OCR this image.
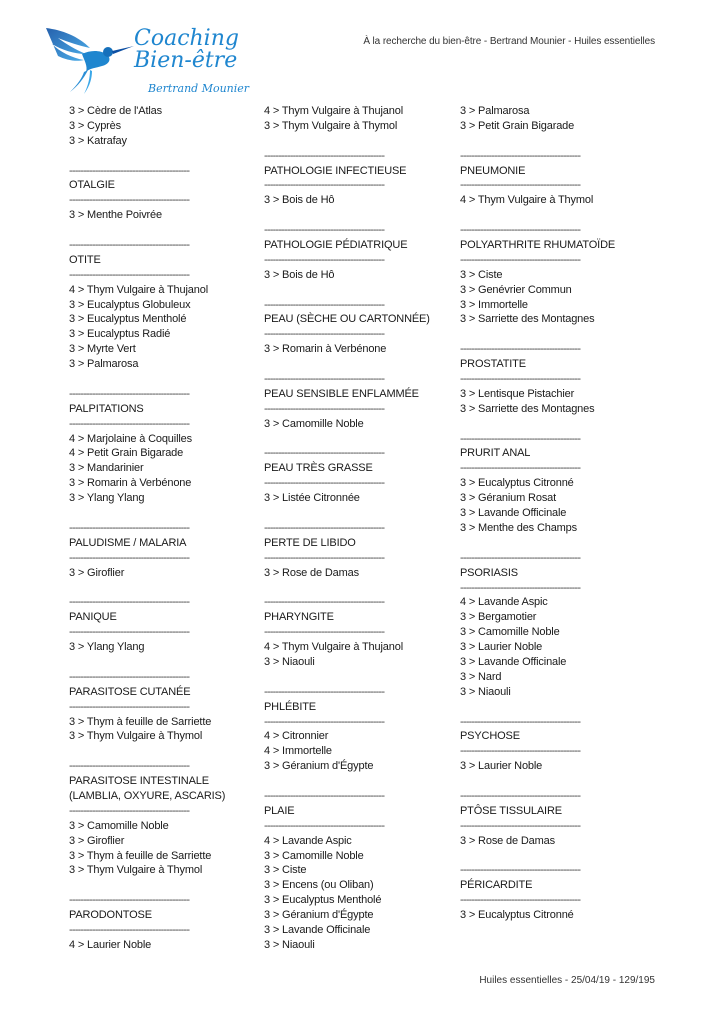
Coaching
Bien-être
Bertrand Mounier
À la recherche du bien-être - Bertrand Mounier - Huiles essentielles
3 > Cèdre de l'Atlas
3 > Cyprès
3 > Katrafay
------------------------------------------
OTALGIE
------------------------------------------
3 > Menthe Poivrée
------------------------------------------
OTITE
------------------------------------------
4 > Thym Vulgaire à Thujanol
3 > Eucalyptus Globuleux
3 > Eucalyptus Mentholé
3 > Eucalyptus Radié
3 > Myrte Vert
3 > Palmarosa
------------------------------------------
PALPITATIONS
------------------------------------------
4 > Marjolaine à Coquilles
4 > Petit Grain Bigarade
3 > Mandarinier
3 > Romarin à Verbénone
3 > Ylang Ylang
------------------------------------------
PALUDISME / MALARIA
------------------------------------------
3 > Giroflier
------------------------------------------
PANIQUE
------------------------------------------
3 > Ylang Ylang
------------------------------------------
PARASITOSE CUTANÉE
------------------------------------------
3 > Thym à feuille de Sarriette
3 > Thym Vulgaire à Thymol
------------------------------------------
PARASITOSE INTESTINALE (LAMBLIA, OXYURE, ASCARIS)
------------------------------------------
3 > Camomille Noble
3 > Giroflier
3 > Thym à feuille de Sarriette
3 > Thym Vulgaire à Thymol
------------------------------------------
PARODONTOSE
------------------------------------------
4 > Laurier Noble
4 > Thym Vulgaire à Thujanol
3 > Thym Vulgaire à Thymol
------------------------------------------
PATHOLOGIE INFECTIEUSE
------------------------------------------
3 > Bois de Hô
------------------------------------------
PATHOLOGIE PÉDIATRIQUE
------------------------------------------
3 > Bois de Hô
------------------------------------------
PEAU (SÈCHE OU CARTONNÉE)
------------------------------------------
3 > Romarin à Verbénone
------------------------------------------
PEAU SENSIBLE ENFLAMMÉE
------------------------------------------
3 > Camomille Noble
------------------------------------------
PEAU TRÈS GRASSE
------------------------------------------
3 > Listée Citronnée
------------------------------------------
PERTE DE LIBIDO
------------------------------------------
3 > Rose de Damas
------------------------------------------
PHARYNGITE
------------------------------------------
4 > Thym Vulgaire à Thujanol
3 > Niaouli
------------------------------------------
PHLÉBITE
------------------------------------------
4 > Citronnier
4 > Immortelle
3 > Géranium d'Égypte
------------------------------------------
PLAIE
------------------------------------------
4 > Lavande Aspic
3 > Camomille Noble
3 > Ciste
3 > Encens (ou Oliban)
3 > Eucalyptus Mentholé
3 > Géranium d'Égypte
3 > Lavande Officinale
3 > Niaouli
3 > Palmarosa
3 > Petit Grain Bigarade
------------------------------------------
PNEUMONIE
------------------------------------------
4 > Thym Vulgaire à Thymol
------------------------------------------
POLYARTHRITE RHUMATOÏDE
------------------------------------------
3 > Ciste
3 > Genévrier Commun
3 > Immortelle
3 > Sarriette des Montagnes
------------------------------------------
PROSTATITE
------------------------------------------
3 > Lentisque Pistachier
3 > Sarriette des Montagnes
------------------------------------------
PRURIT ANAL
------------------------------------------
3 > Eucalyptus Citronné
3 > Géranium Rosat
3 > Lavande Officinale
3 > Menthe des Champs
------------------------------------------
PSORIASIS
------------------------------------------
4 > Lavande Aspic
3 > Bergamotier
3 > Camomille Noble
3 > Laurier Noble
3 > Lavande Officinale
3 > Nard
3 > Niaouli
------------------------------------------
PSYCHOSE
------------------------------------------
3 > Laurier Noble
------------------------------------------
PTÔSE TISSULAIRE
------------------------------------------
3 > Rose de Damas
------------------------------------------
PÉRICARDITE
------------------------------------------
3 > Eucalyptus Citronné
Huiles essentielles - 25/04/19 - 129/195
